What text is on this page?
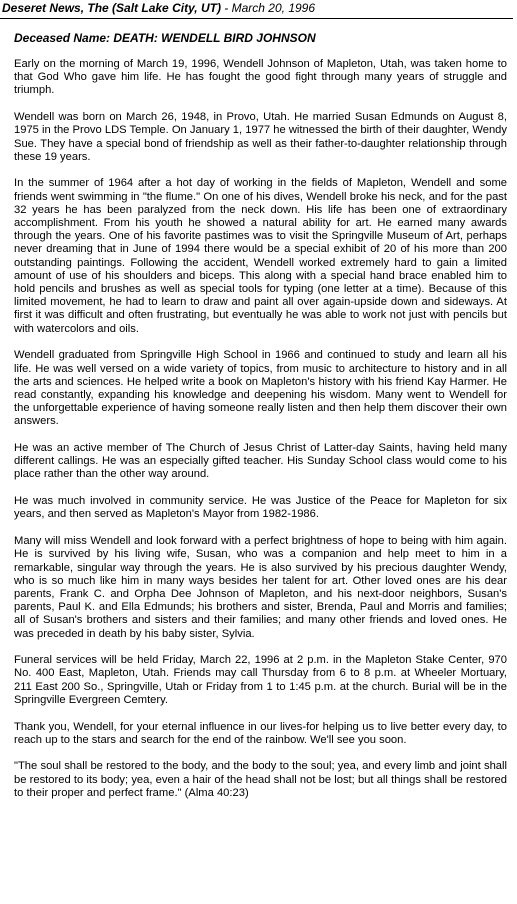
Deseret News, The (Salt Lake City, UT) - March 20, 1996
Deceased Name: DEATH: WENDELL BIRD JOHNSON

Early on the morning of March 19, 1996, Wendell Johnson of Mapleton, Utah, was taken home to that God Who gave him life. He has fought the good fight through many years of struggle and triumph.

Wendell was born on March 26, 1948, in Provo, Utah. He married Susan Edmunds on August 8, 1975 in the Provo LDS Temple. On January 1, 1977 he witnessed the birth of their daughter, Wendy Sue. They have a special bond of friendship as well as their father-to-daughter relationship through these 19 years.

In the summer of 1964 after a hot day of working in the fields of Mapleton, Wendell and some friends went swimming in "the flume." On one of his dives, Wendell broke his neck, and for the past 32 years he has been paralyzed from the neck down. His life has been one of extraordinary accomplishment. From his youth he showed a natural ability for art. He earned many awards through the years. One of his favorite pastimes was to visit the Springville Museum of Art, perhaps never dreaming that in June of 1994 there would be a special exhibit of 20 of his more than 200 outstanding paintings. Following the accident, Wendell worked extremely hard to gain a limited amount of use of his shoulders and biceps. This along with a special hand brace enabled him to hold pencils and brushes as well as special tools for typing (one letter at a time). Because of this limited movement, he had to learn to draw and paint all over again-upside down and sideways. At first it was difficult and often frustrating, but eventually he was able to work not just with pencils but with watercolors and oils.

Wendell graduated from Springville High School in 1966 and continued to study and learn all his life. He was well versed on a wide variety of topics, from music to architecture to history and in all the arts and sciences. He helped write a book on Mapleton's history with his friend Kay Harmer. He read constantly, expanding his knowledge and deepening his wisdom. Many went to Wendell for the unforgettable experience of having someone really listen and then help them discover their own answers.

He was an active member of The Church of Jesus Christ of Latter-day Saints, having held many different callings. He was an especially gifted teacher. His Sunday School class would come to his place rather than the other way around.

He was much involved in community service. He was Justice of the Peace for Mapleton for six years, and then served as Mapleton's Mayor from 1982-1986.

Many will miss Wendell and look forward with a perfect brightness of hope to being with him again. He is survived by his living wife, Susan, who was a companion and help meet to him in a remarkable, singular way through the years. He is also survived by his precious daughter Wendy, who is so much like him in many ways besides her talent for art. Other loved ones are his dear parents, Frank C. and Orpha Dee Johnson of Mapleton, and his next-door neighbors, Susan's parents, Paul K. and Ella Edmunds; his brothers and sister, Brenda, Paul and Morris and families; all of Susan's brothers and sisters and their families; and many other friends and loved ones. He was preceded in death by his baby sister, Sylvia.

Funeral services will be held Friday, March 22, 1996 at 2 p.m. in the Mapleton Stake Center, 970 No. 400 East, Mapleton, Utah. Friends may call Thursday from 6 to 8 p.m. at Wheeler Mortuary, 211 East 200 So., Springville, Utah or Friday from 1 to 1:45 p.m. at the church. Burial will be in the Springville Evergreen Cemtery.

Thank you, Wendell, for your eternal influence in our lives-for helping us to live better every day, to reach up to the stars and search for the end of the rainbow. We'll see you soon.

"The soul shall be restored to the body, and the body to the soul; yea, and every limb and joint shall be restored to its body; yea, even a hair of the head shall not be lost; but all things shall be restored to their proper and perfect frame." (Alma 40:23)
